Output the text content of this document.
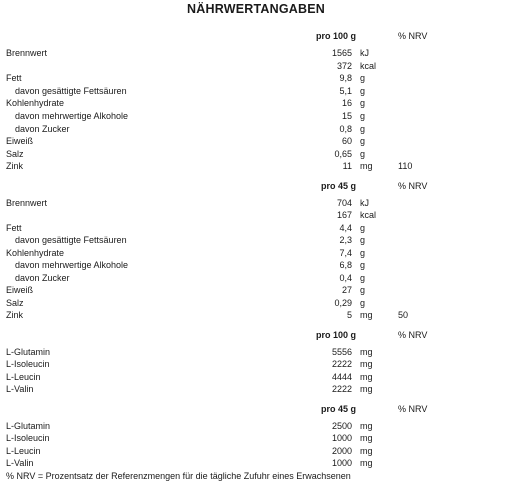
NÄHRWERTANGABEN
pro 100 g	% NRV
Brennwert	1565 kJ
372 kcal
Fett	9,8 g
davon gesättigte Fettsäuren	5,1 g
Kohlenhydrate	16 g
davon mehrwertige Alkohole	15 g
davon Zucker	0,8 g
Eiweiß	60 g
Salz	0,65 g
Zink	11 mg	110
pro 45 g	% NRV
Brennwert	704 kJ
167 kcal
Fett	4,4 g
davon gesättigte Fettsäuren	2,3 g
Kohlenhydrate	7,4 g
davon mehrwertige Alkohole	6,8 g
davon Zucker	0,4 g
Eiweiß	27 g
Salz	0,29 g
Zink	5 mg	50
pro 100 g	% NRV
L-Glutamin	5556 mg
L-Isoleucin	2222 mg
L-Leucin	4444 mg
L-Valin	2222 mg
pro 45 g	% NRV
L-Glutamin	2500 mg
L-Isoleucin	1000 mg
L-Leucin	2000 mg
L-Valin	1000 mg
% NRV = Prozentsatz der Referenzmengen für die tägliche Zufuhr eines Erwachsenen
